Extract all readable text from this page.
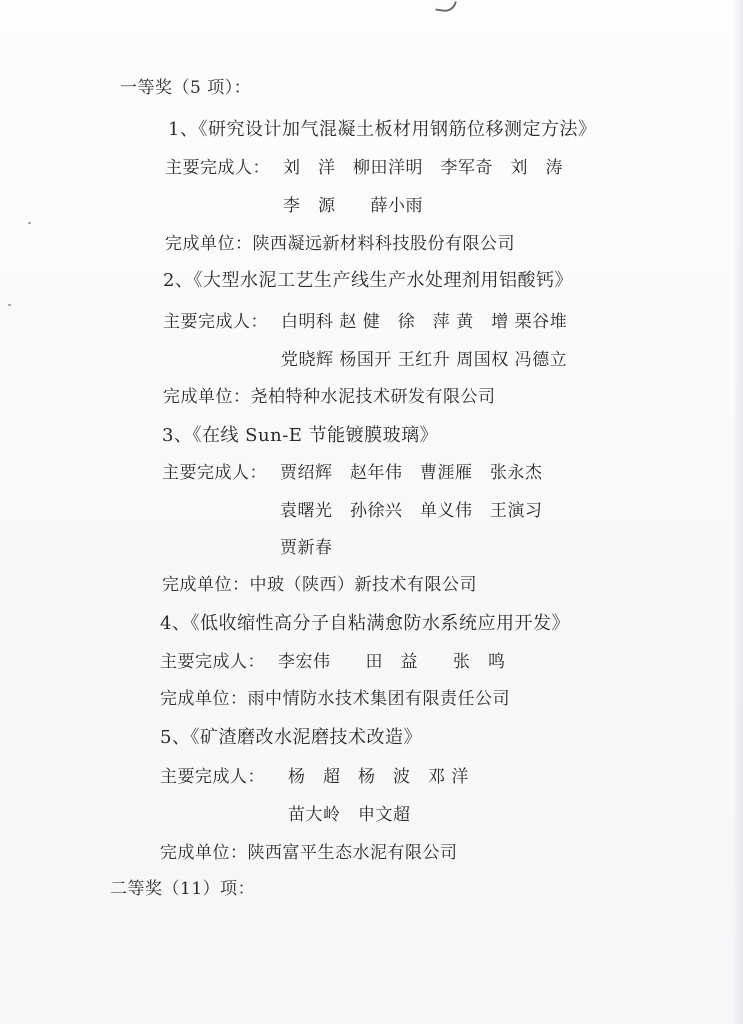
一等奖（5 项）：
1、《研究设计加气混凝土板材用钢筋位移测定方法》
主要完成人： 刘　洋　柳田洋明　李军奇　刘　涛
李　源　　薛小雨
完成单位：陕西凝远新材料科技股份有限公司
2、《大型水泥工艺生产线生产水处理剂用铝酸钙》
主要完成人： 白明科 赵 健　徐　萍 黄　增 栗谷堆
党晓辉 杨国开 王红升 周国权 冯德立
完成单位：尧柏特种水泥技术研发有限公司
3、《在线 Sun-E 节能镀膜玻璃》
主要完成人： 贾绍辉　赵年伟　曹涯雁　张永杰
袁曙光　孙徐兴　单义伟　王演习
贾新春
完成单位：中玻（陕西）新技术有限公司
4、《低收缩性高分子自粘满愈防水系统应用开发》
主要完成人： 李宏伟　　田　益　　张　鸣
完成单位：雨中情防水技术集团有限责任公司
5、《矿渣磨改水泥磨技术改造》
主要完成人： 杨　超　杨　波　邓 洋
苗大岭　申文超
完成单位：陕西富平生态水泥有限公司
二等奖（11）项：
